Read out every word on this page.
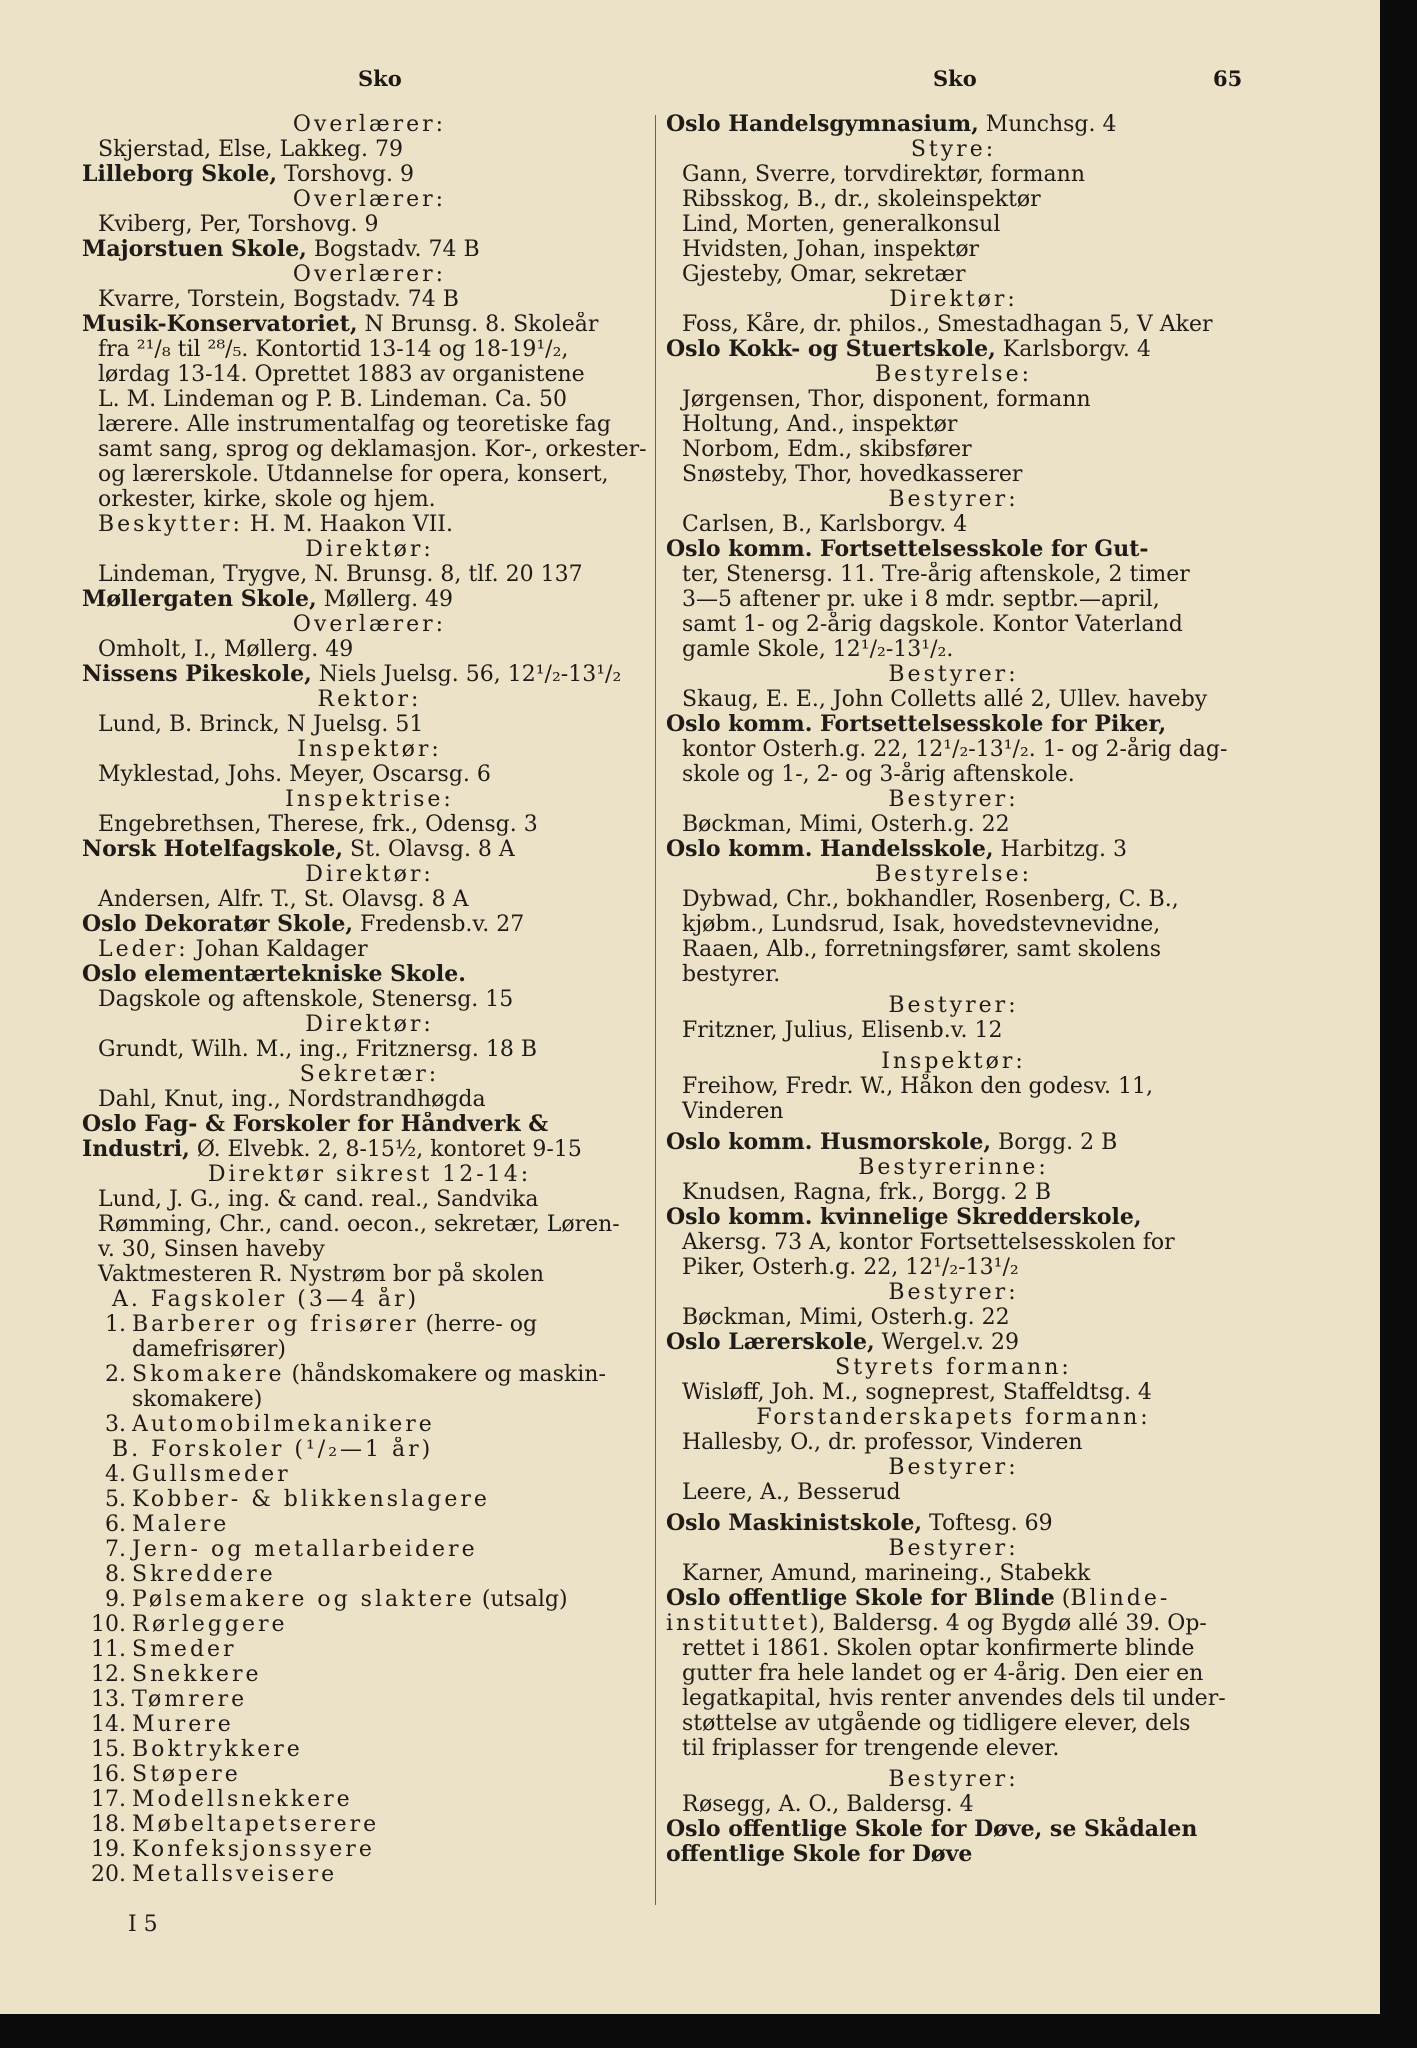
Sko	Sko	65
Overlærer:
Skjerstad, Else, Lakkeg. 79
Lilleborg Skole, Torshovg. 9
Overlærer:
Kviberg, Per, Torshovg. 9
Majorstuen Skole, Bogstadv. 74 B
Overlærer:
Kvarre, Torstein, Bogstadv. 74 B
Musik-Konservatoriet, N Brunsg. 8. Skoleår
fra ²¹/₈ til ²⁸/₅. Kontortid 13-14 og 18-19¹/₂,
lørdag 13-14. Oprettet 1883 av organistene
L. M. Lindeman og P. B. Lindeman. Ca. 50
lærere. Alle instrumentalfag og teoretiske fag
samt sang, sprog og deklamasjon. Kor-, orkester-
og lærerskole. Utdannelse for opera, konsert,
orkester, kirke, skole og hjem.
Beskytter: H. M. Haakon VII.
Direktør:
Lindeman, Trygve, N. Brunsg. 8, tlf. 20 137
Møllergaten Skole, Møllerg. 49
Overlærer:
Omholt, I., Møllerg. 49
Nissens Pikeskole, Niels Juelsg. 56, 12¹/₂-13¹/₂
Rektor:
Lund, B. Brinck, N Juelsg. 51
Inspektør:
Myklestad, Johs. Meyer, Oscarsg. 6
Inspektrise:
Engebrethsen, Therese, frk., Odensg. 3
Norsk Hotelfagskole, St. Olavsg. 8 A
Direktør:
Andersen, Alfr. T., St. Olavsg. 8 A
Oslo Dekoratør Skole, Fredensb.v. 27
Leder: Johan Kaldager
Oslo elementærtekniske Skole.
Dagskole og aftenskole, Stenersg. 15
Direktør:
Grundt, Wilh. M., ing., Fritznersg. 18 B
Sekretær:
Dahl, Knut, ing., Nordstrandhøgda
Oslo Fag- & Forskoler for Håndverk &
Industri, Ø. Elvebk. 2, 8-15½, kontoret 9-15
Direktør sikrest 12-14:
Lund, J. G., ing. & cand. real., Sandvika
Rømming, Chr., cand. oecon., sekretær, Løren-
v. 30, Sinsen haveby
Vaktmesteren R. Nystrøm bor på skolen
A. Fagskoler (3—4 år)
1. Barberer og frisører (herre- og
damefrisører)
2. Skomakere (håndskomakere og maskin-
skomakere)
3. Automobilmekanikere
B. Forskoler (¹/₂—1 år)
4. Gullsmeder
5. Kobber- & blikkenslagere
6. Malere
7. Jern- og metallarbeidere
8. Skreddere
9. Pølsemakere og slaktere (utsalg)
10. Rørleggere
11. Smeder
12. Snekkere
13. Tømrere
14. Murere
15. Boktrykkere
16. Støpere
17. Modellsnekkere
18. Møbeltapetserere
19. Konfeksjonssyere
20. Metallsveisere
Oslo Handelsgymnasium, Munchsg. 4
Styre:
Gann, Sverre, torvdirektør, formann
Ribsskog, B., dr., skoleinspektør
Lind, Morten, generalkonsul
Hvidsten, Johan, inspektør
Gjesteby, Omar, sekretær
Direktør:
Foss, Kåre, dr. philos., Smestadhagan 5, V Aker
Oslo Kokk- og Stuertskole, Karlsborgv. 4
Bestyrelse:
Jørgensen, Thor, disponent, formann
Holtung, And., inspektør
Norbom, Edm., skibsfører
Snøsteby, Thor, hovedkasserer
Bestyrer:
Carlsen, B., Karlsborgv. 4
Oslo komm. Fortsettelsesskole for Gut-
ter, Stenersg. 11. Tre-årig aftenskole, 2 timer
3—5 aftener pr. uke i 8 mdr. septbr.—april,
samt 1- og 2-årig dagskole. Kontor Vaterland
gamle Skole, 12¹/₂-13¹/₂.
Bestyrer:
Skaug, E. E., John Colletts allé 2, Ullev. haveby
Oslo komm. Fortsettelsesskole for Piker,
kontor Osterh.g. 22, 12¹/₂-13¹/₂. 1- og 2-årig dag-
skole og 1-, 2- og 3-årig aftenskole.
Bestyrer:
Bøckman, Mimi, Osterh.g. 22
Oslo komm. Handelsskole, Harbitzg. 3
Bestyrelse:
Dybwad, Chr., bokhandler, Rosenberg, C. B.,
kjøbm., Lundsrud, Isak, hovedstevnevidne,
Raaen, Alb., forretningsfører, samt skolens
bestyrer.
Bestyrer:
Fritzner, Julius, Elisenb.v. 12
Inspektør:
Freihow, Fredr. W., Håkon den godesv. 11,
Vinderen
Oslo komm. Husmorskole, Borgg. 2 B
Bestyrerinne:
Knudsen, Ragna, frk., Borgg. 2 B
Oslo komm. kvinnelige Skredderskole,
Akersg. 73 A, kontor Fortsettelsesskolen for
Piker, Osterh.g. 22, 12¹/₂-13¹/₂
Bestyrer:
Bøckman, Mimi, Osterh.g. 22
Oslo Lærerskole, Wergel.v. 29
Styrets formann:
Wisløff, Joh. M., sogneprest, Staffeldtsg. 4
Forstanderskapets formann:
Hallesby, O., dr. professor, Vinderen
Bestyrer:
Leere, A., Besserud
Oslo Maskinistskole, Toftesg. 69
Bestyrer:
Karner, Amund, marineing., Stabekk
Oslo offentlige Skole for Blinde (Blinde-
instituttet), Baldersg. 4 og Bygdø allé 39. Op-
rettet i 1861. Skolen optar konfirmerte blinde
gutter fra hele landet og er 4-årig. Den eier en
legatkapital, hvis renter anvendes dels til under-
støttelse av utgående og tidligere elever, dels
til friplasser for trengende elever.
Bestyrer:
Røsegg, A. O., Baldersg. 4
Oslo offentlige Skole for Døve, se Skådalen
offentlige Skole for Døve
I 5
